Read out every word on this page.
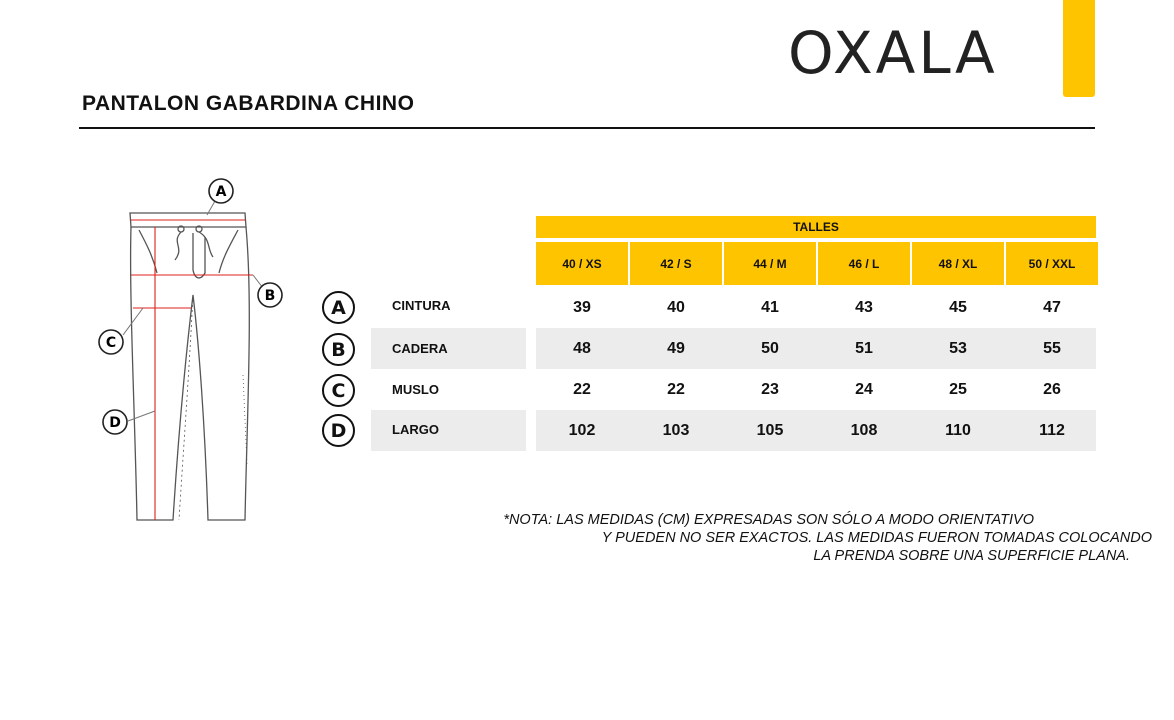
OXALA
PANTALON GABARDINA CHINO
A
B
C
D
TALLES
40 / XS	42 / S	44 / M	46 / L	48 / XL	50 / XXL
A	CINTURA	39	40	41	43	45	47
B	CADERA	48	49	50	51	53	55
C	MUSLO	22	22	23	24	25	26
D	LARGO	102	103	105	108	110	112
*NOTA: LAS MEDIDAS (CM) EXPRESADAS SON SÓLO A MODO ORIENTATIVO
Y PUEDEN NO SER EXACTOS. LAS MEDIDAS FUERON TOMADAS COLOCANDO
LA PRENDA SOBRE UNA SUPERFICIE PLANA.
